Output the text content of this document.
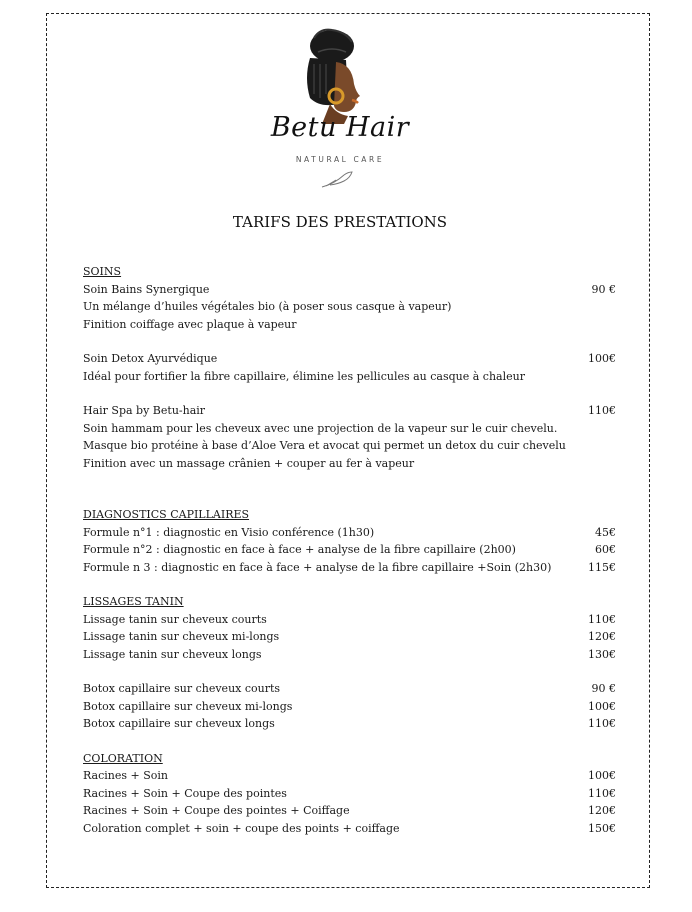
Betu Hair
NATURAL CARE
TARIFS DES PRESTATIONS
SOINS
Soin Bains Synergique	90 €
Un mélange d’huiles végétales bio (à poser sous casque à vapeur)
Finition coiffage avec plaque à vapeur
Soin Detox Ayurvédique	100€
Idéal pour fortifier la fibre capillaire, élimine les pellicules au casque à chaleur
Hair Spa by Betu-hair	110€
Soin hammam pour les cheveux avec une projection de la vapeur sur le cuir chevelu.
Masque bio protéine à base d’Aloe Vera et avocat qui permet un detox du cuir chevelu
Finition avec un massage crânien + couper au fer à vapeur
DIAGNOSTICS CAPILLAIRES
Formule n°1 : diagnostic en Visio conférence (1h30)	45€
Formule n°2 : diagnostic en face à face + analyse de la fibre capillaire (2h00)	60€
Formule n 3 : diagnostic en face à face + analyse de la fibre capillaire +Soin (2h30)	115€
LISSAGES TANIN
Lissage tanin sur cheveux courts	110€
Lissage tanin sur cheveux mi-longs	120€
Lissage tanin sur cheveux longs	130€
Botox capillaire sur cheveux courts	90 €
Botox capillaire sur cheveux mi-longs	100€
Botox capillaire sur cheveux longs	110€
COLORATION
Racines + Soin	100€
Racines + Soin + Coupe des pointes	110€
Racines + Soin + Coupe des pointes + Coiffage	120€
Coloration complet + soin + coupe des points + coiffage	150€
